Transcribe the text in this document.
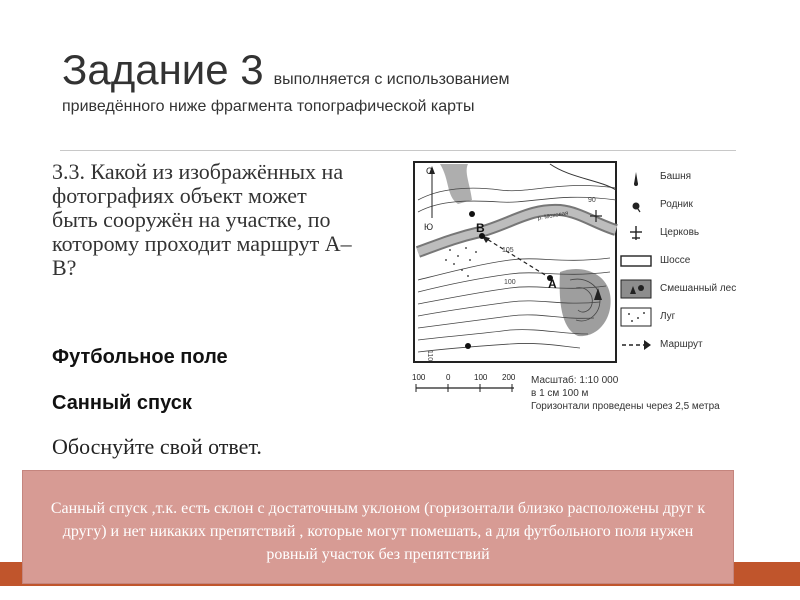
Задание 3 выполняется с использованием
приведённого ниже фрагмента топографической карты
3.3. Какой из изображённых на фотографиях объект может быть сооружён на участке, по которому проходит маршрут А–В?
Футбольное поле
Санный спуск
Обоснуйте свой ответ.
С
Ю	В
А
100
110
105
90
р. Моховая
Башня
Родник
Церковь
Шоссе
Смешанный лес
Луг
Маршрут
100	0	100 200 Масштаб: 1:10 000
в 1 см 100 м
Горизонтали проведены через 2,5 метра
Санный спуск ,т.к. есть склон с достаточным уклоном (горизонтали близко расположены друг к другу) и нет никаких препятствий , которые могут помешать, а для футбольного поля нужен ровный участок без препятствий
